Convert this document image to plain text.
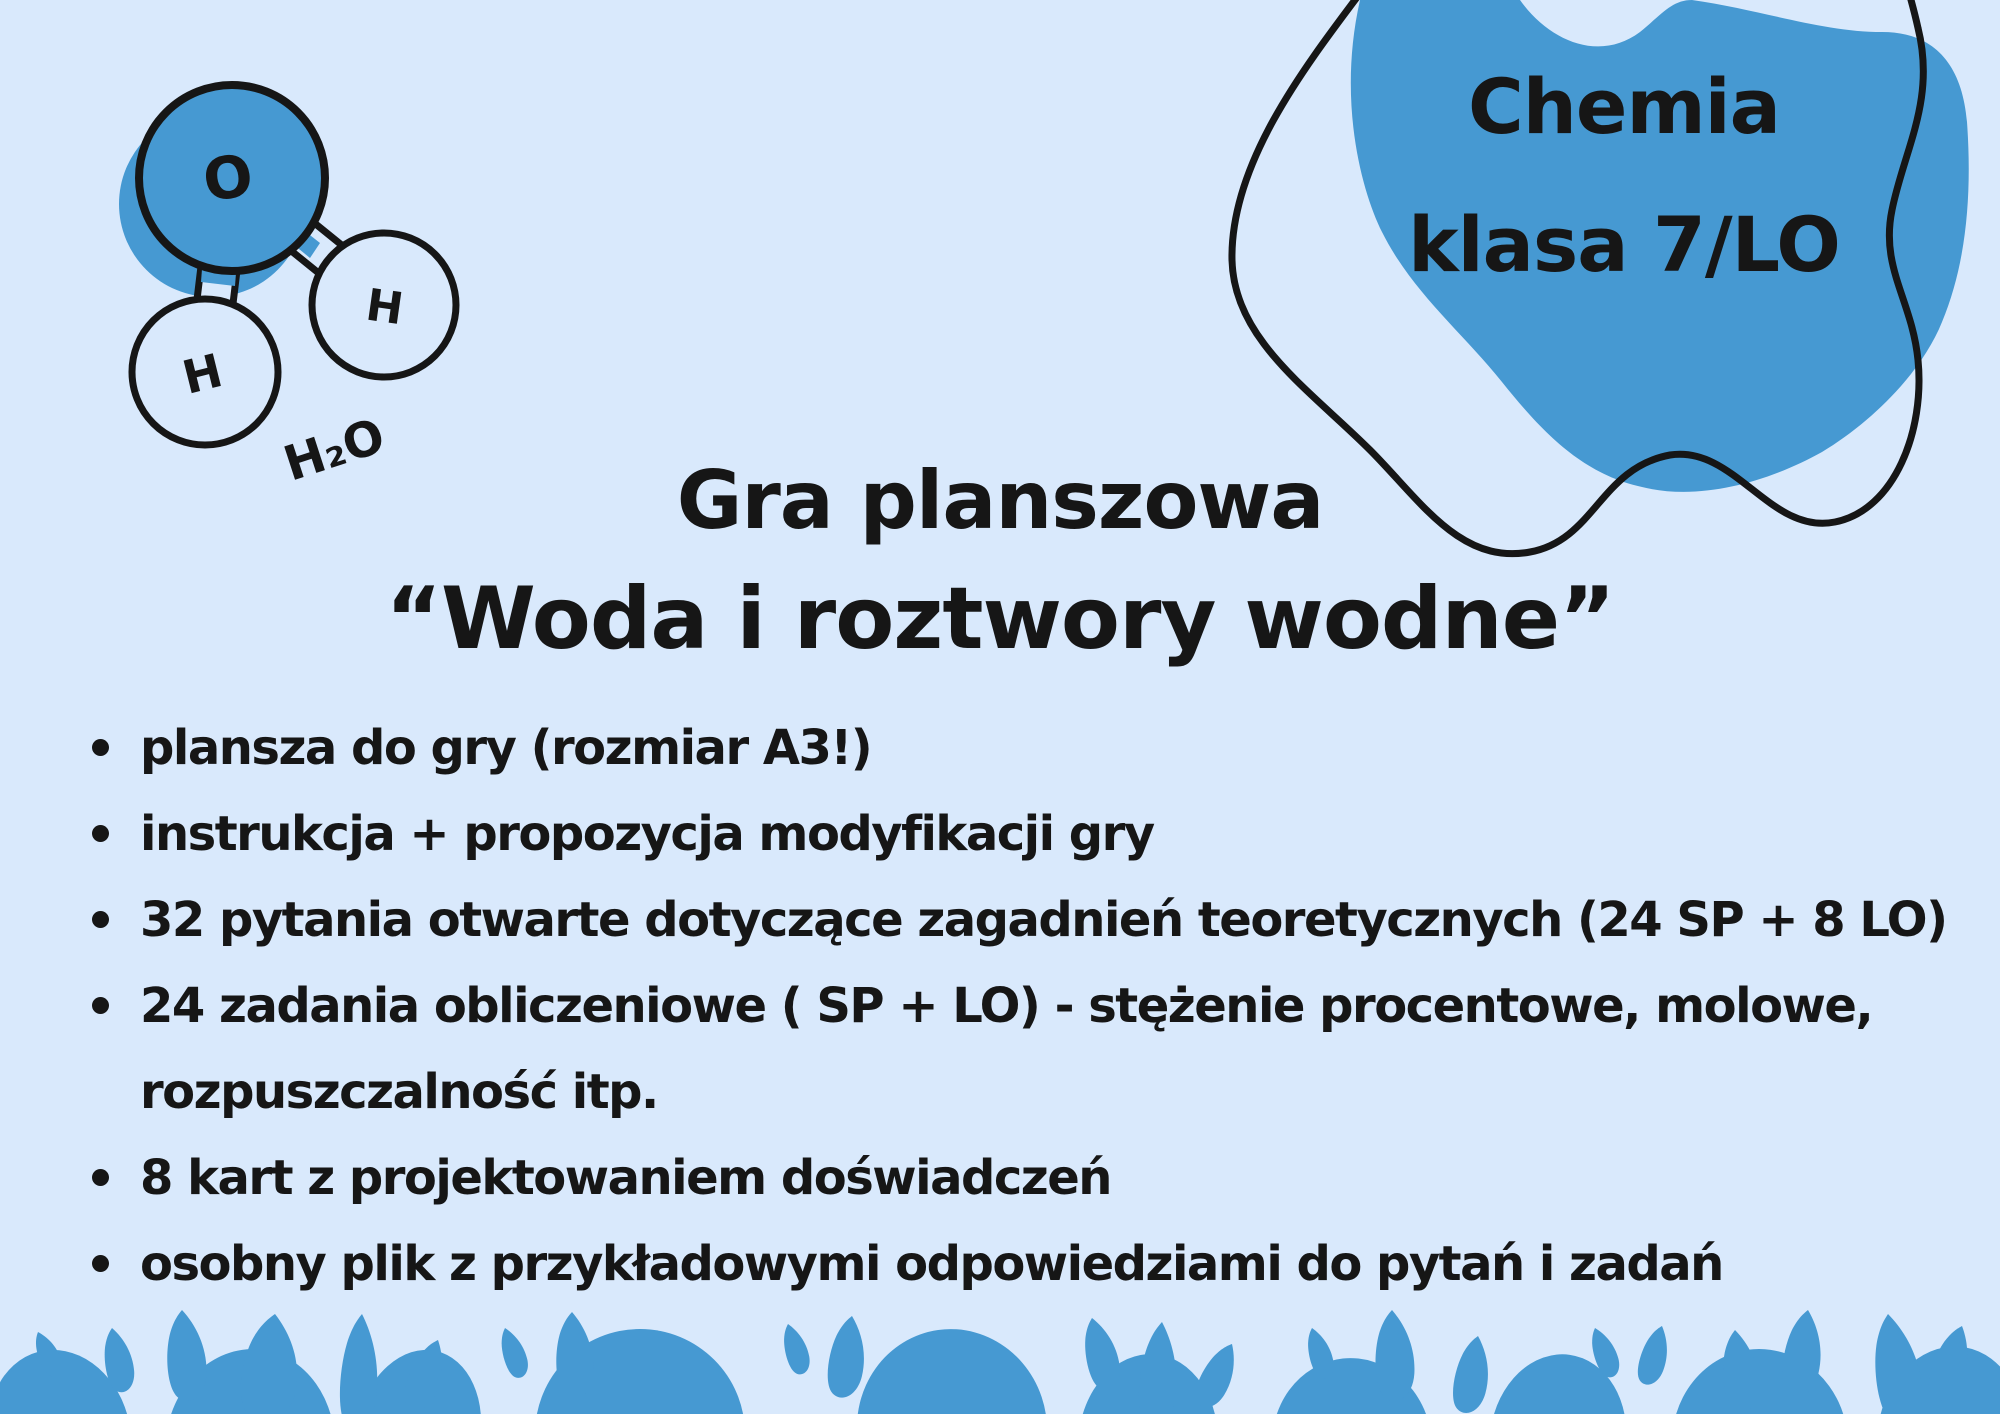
Chemia
klasa 7/LO
O
H
H
H₂O
Gra planszowa
“Woda i roztwory wodne”
plansza do gry (rozmiar A3!)
instrukcja + propozycja modyfikacji gry
32 pytania otwarte dotyczące zagadnień teoretycznych (24 SP + 8 LO)
24 zadania obliczeniowe ( SP + LO) - stężenie procentowe, molowe,
rozpuszczalność itp.
8 kart z projektowaniem doświadczeń
osobny plik z przykładowymi odpowiedziami do pytań i zadań
